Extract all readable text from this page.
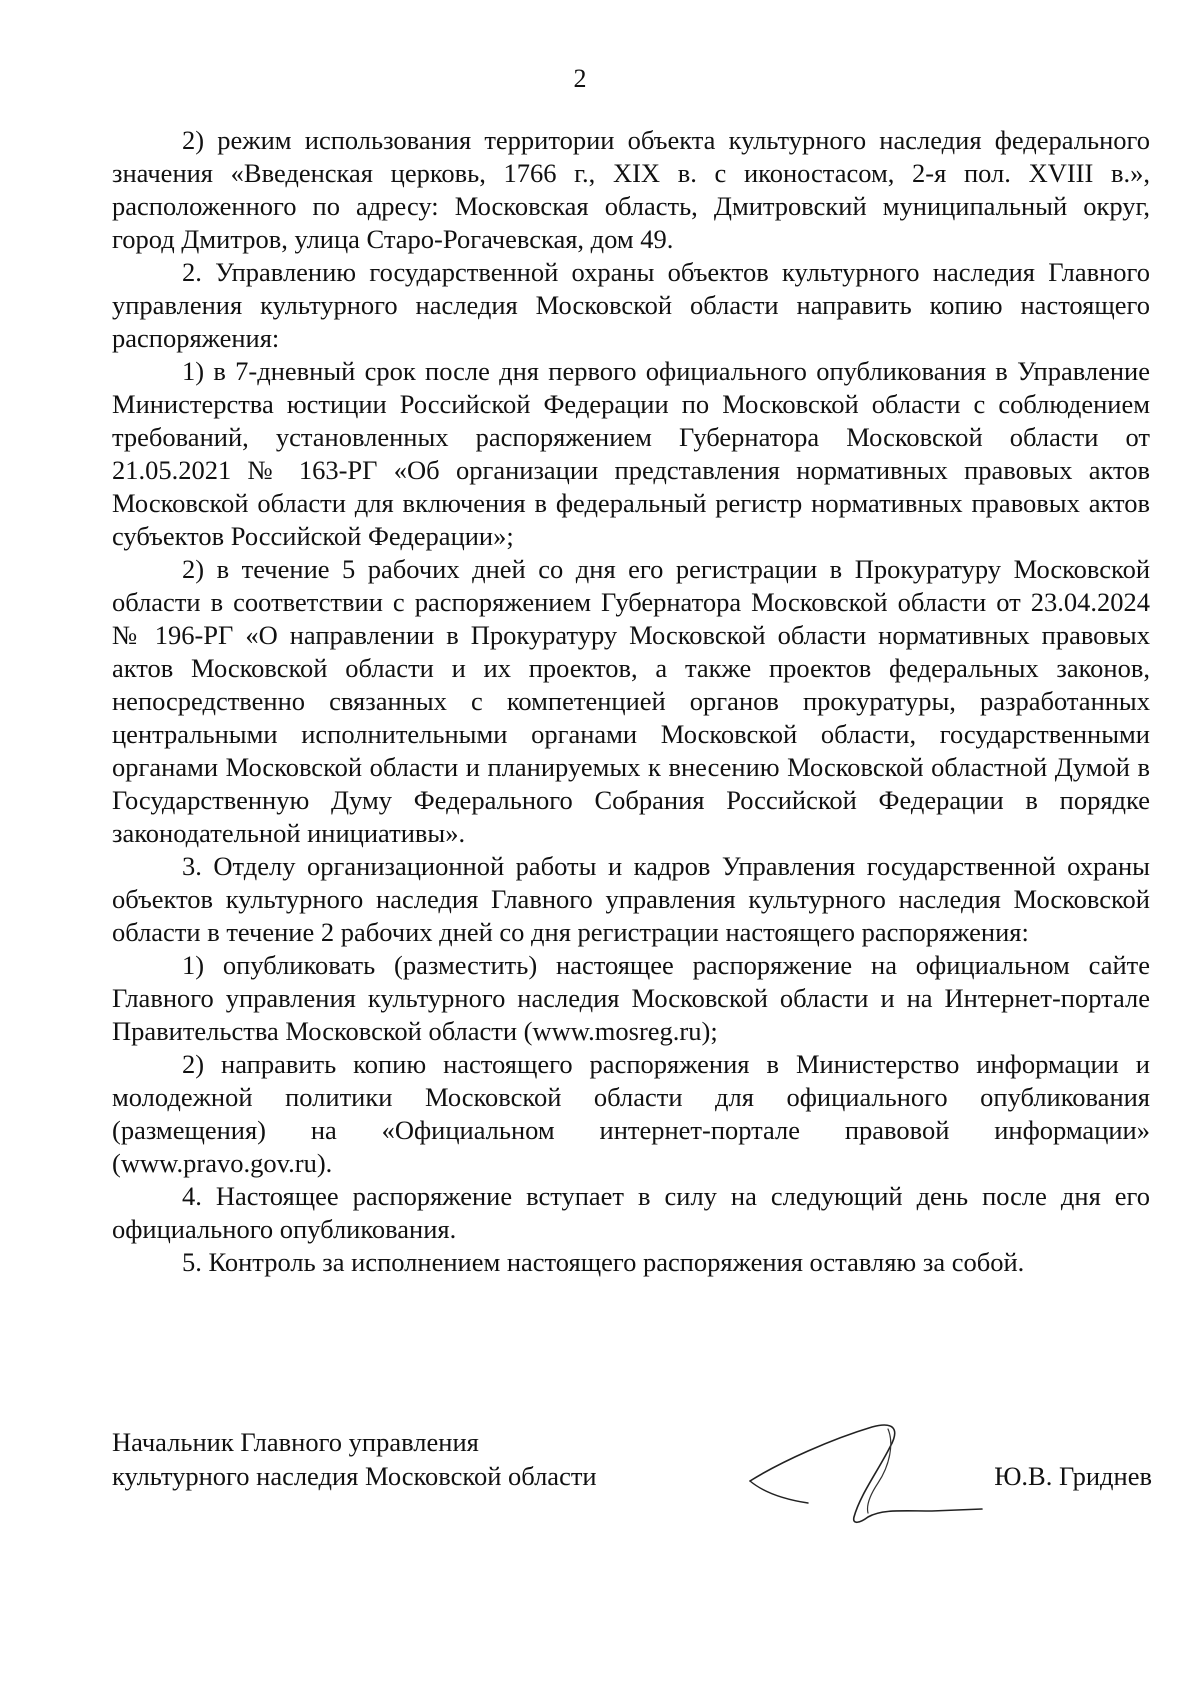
2

2) режим использования территории объекта культурного наследия федерального значения «Введенская церковь, 1766 г., XIX в. с иконостасом, 2-я пол. XVIII в.», расположенного по адресу: Московская область, Дмитровский муниципальный округ, город Дмитров, улица Старо-Рогачевская, дом 49.

2. Управлению государственной охраны объектов культурного наследия Главного управления культурного наследия Московской области направить копию настоящего распоряжения:

1) в 7-дневный срок после дня первого официального опубликования в Управление Министерства юстиции Российской Федерации по Московской области с соблюдением требований, установленных распоряжением Губернатора Московской области от 21.05.2021 № 163-РГ «Об организации представления нормативных правовых актов Московской области для включения в федеральный регистр нормативных правовых актов субъектов Российской Федерации»;

2) в течение 5 рабочих дней со дня его регистрации в Прокуратуру Московской области в соответствии с распоряжением Губернатора Московской области от 23.04.2024 № 196-РГ «О направлении в Прокуратуру Московской области нормативных правовых актов Московской области и их проектов, а также проектов федеральных законов, непосредственно связанных с компетенцией органов прокуратуры, разработанных центральными исполнительными органами Московской области, государственными органами Московской области и планируемых к внесению Московской областной Думой в Государственную Думу Федерального Собрания Российской Федерации в порядке законодательной инициативы».

3. Отделу организационной работы и кадров Управления государственной охраны объектов культурного наследия Главного управления культурного наследия Московской области в течение 2 рабочих дней со дня регистрации настоящего распоряжения:

1) опубликовать (разместить) настоящее распоряжение на официальном сайте Главного управления культурного наследия Московской области и на Интернет-портале Правительства Московской области (www.mosreg.ru);

2) направить копию настоящего распоряжения в Министерство информации и молодежной политики Московской области для официального опубликования (размещения) на «Официальном интернет-портале правовой информации» (www.pravo.gov.ru).

4. Настоящее распоряжение вступает в силу на следующий день после дня его официального опубликования.

5. Контроль за исполнением настоящего распоряжения оставляю за собой.

Начальник Главного управления
культурного наследия Московской области	Ю.В. Гриднев
